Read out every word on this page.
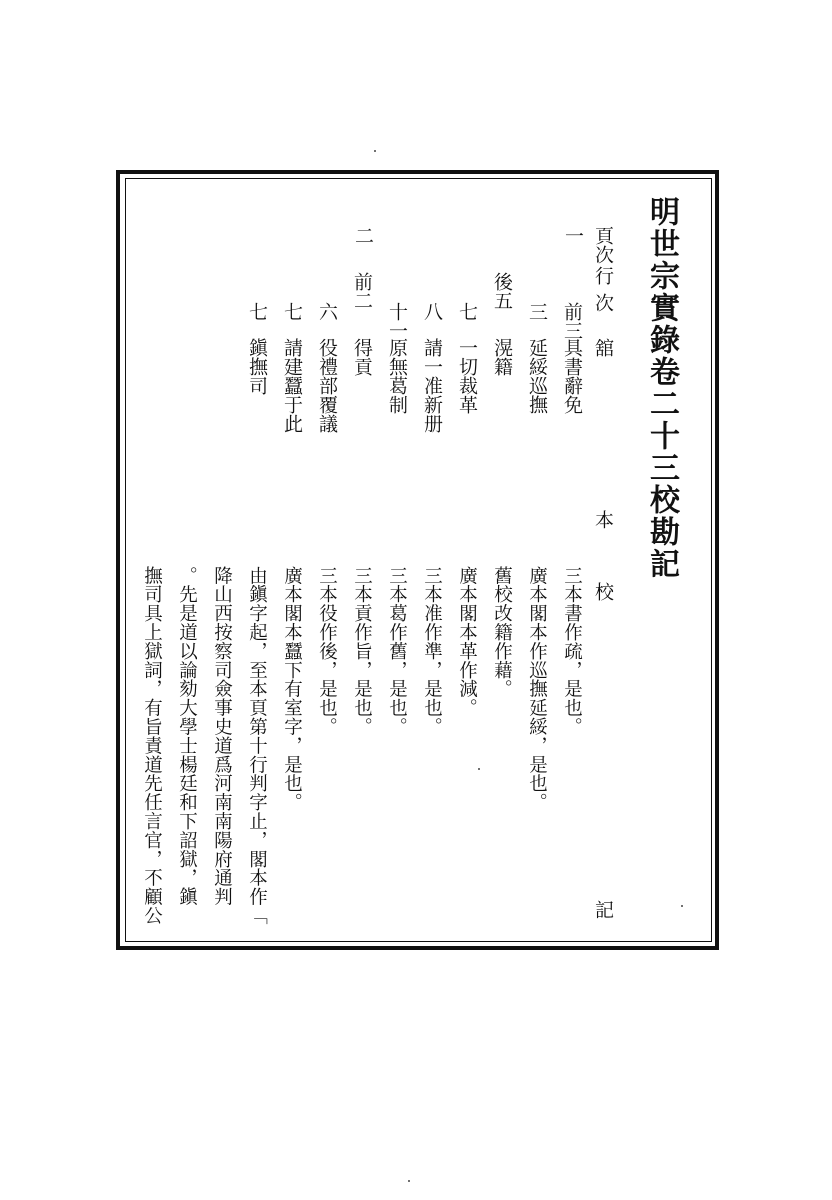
明世宗實錄卷二十三校勘記
頁次
行次
舘
本
校
記
一
二
前三
三
後五
七
八
十一
前二
六
七
七
具書辭免
延綏巡撫
滉籍
一切裁革
請一准新册
原無葛制
得貢
役禮部覆議
請建蠶于此
鎭撫司
三本書作疏，是也。
廣本閣本作巡撫延綏，是也。
舊校改籍作藉。
廣本閣本革作減。
三本准作準，是也。
三本葛作舊，是也。
三本貢作旨，是也。
三本役作後，是也。
廣本閣本蠶下有室字，是也。
由鎭字起，至本頁第十行判字止，閣本作「
降山西按察司僉事史道爲河南南陽府通判
。先是道以論劾大學士楊廷和下詔獄，鎭
撫司具上獄詞，有旨責道先任言官，不顧公
